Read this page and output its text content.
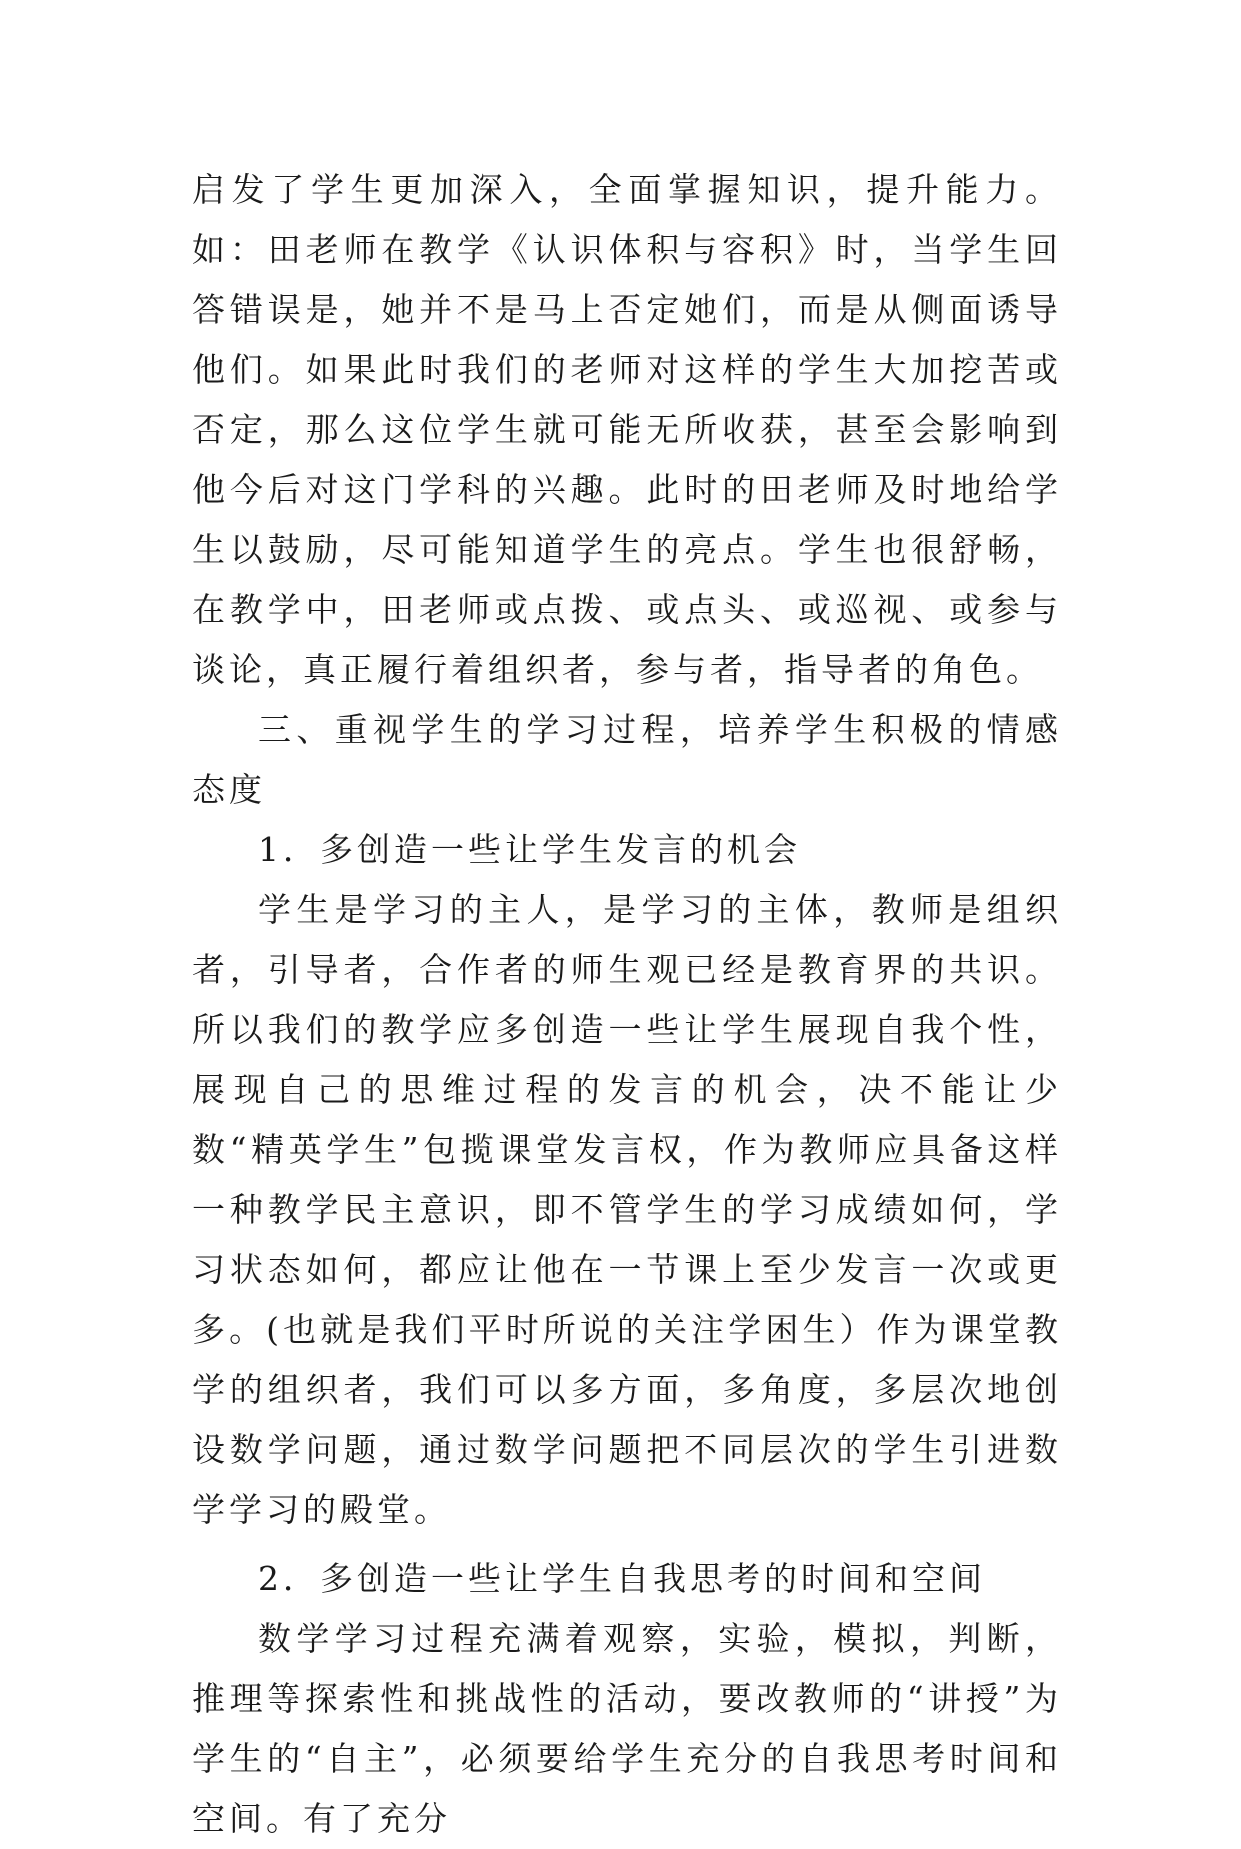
启发了学生更加深入，全面掌握知识，提升能力。如：田老师在教学《认识体积与容积》时，当学生回答错误是，她并不是马上否定她们，而是从侧面诱导他们。如果此时我们的老师对这样的学生大加挖苦或否定，那么这位学生就可能无所收获，甚至会影响到他今后对这门学科的兴趣。此时的田老师及时地给学生以鼓励，尽可能知道学生的亮点。学生也很舒畅，在教学中，田老师或点拨、或点头、或巡视、或参与谈论，真正履行着组织者，参与者，指导者的角色。

三、重视学生的学习过程，培养学生积极的情感态度

1．多创造一些让学生发言的机会

学生是学习的主人，是学习的主体，教师是组织者，引导者，合作者的师生观已经是教育界的共识。所以我们的教学应多创造一些让学生展现自我个性，展现自己的思维过程的发言的机会，决不能让少数“精英学生”包揽课堂发言权，作为教师应具备这样一种教学民主意识，即不管学生的学习成绩如何，学习状态如何，都应让他在一节课上至少发言一次或更多。(也就是我们平时所说的关注学困生）作为课堂教学的组织者，我们可以多方面，多角度，多层次地创设数学问题，通过数学问题把不同层次的学生引进数学学习的殿堂。

2．多创造一些让学生自我思考的时间和空间

数学学习过程充满着观察，实验，模拟，判断，推理等探索性和挑战性的活动，要改教师的“讲授”为学生的“自主”，必须要给学生充分的自我思考时间和空间。有了充分
